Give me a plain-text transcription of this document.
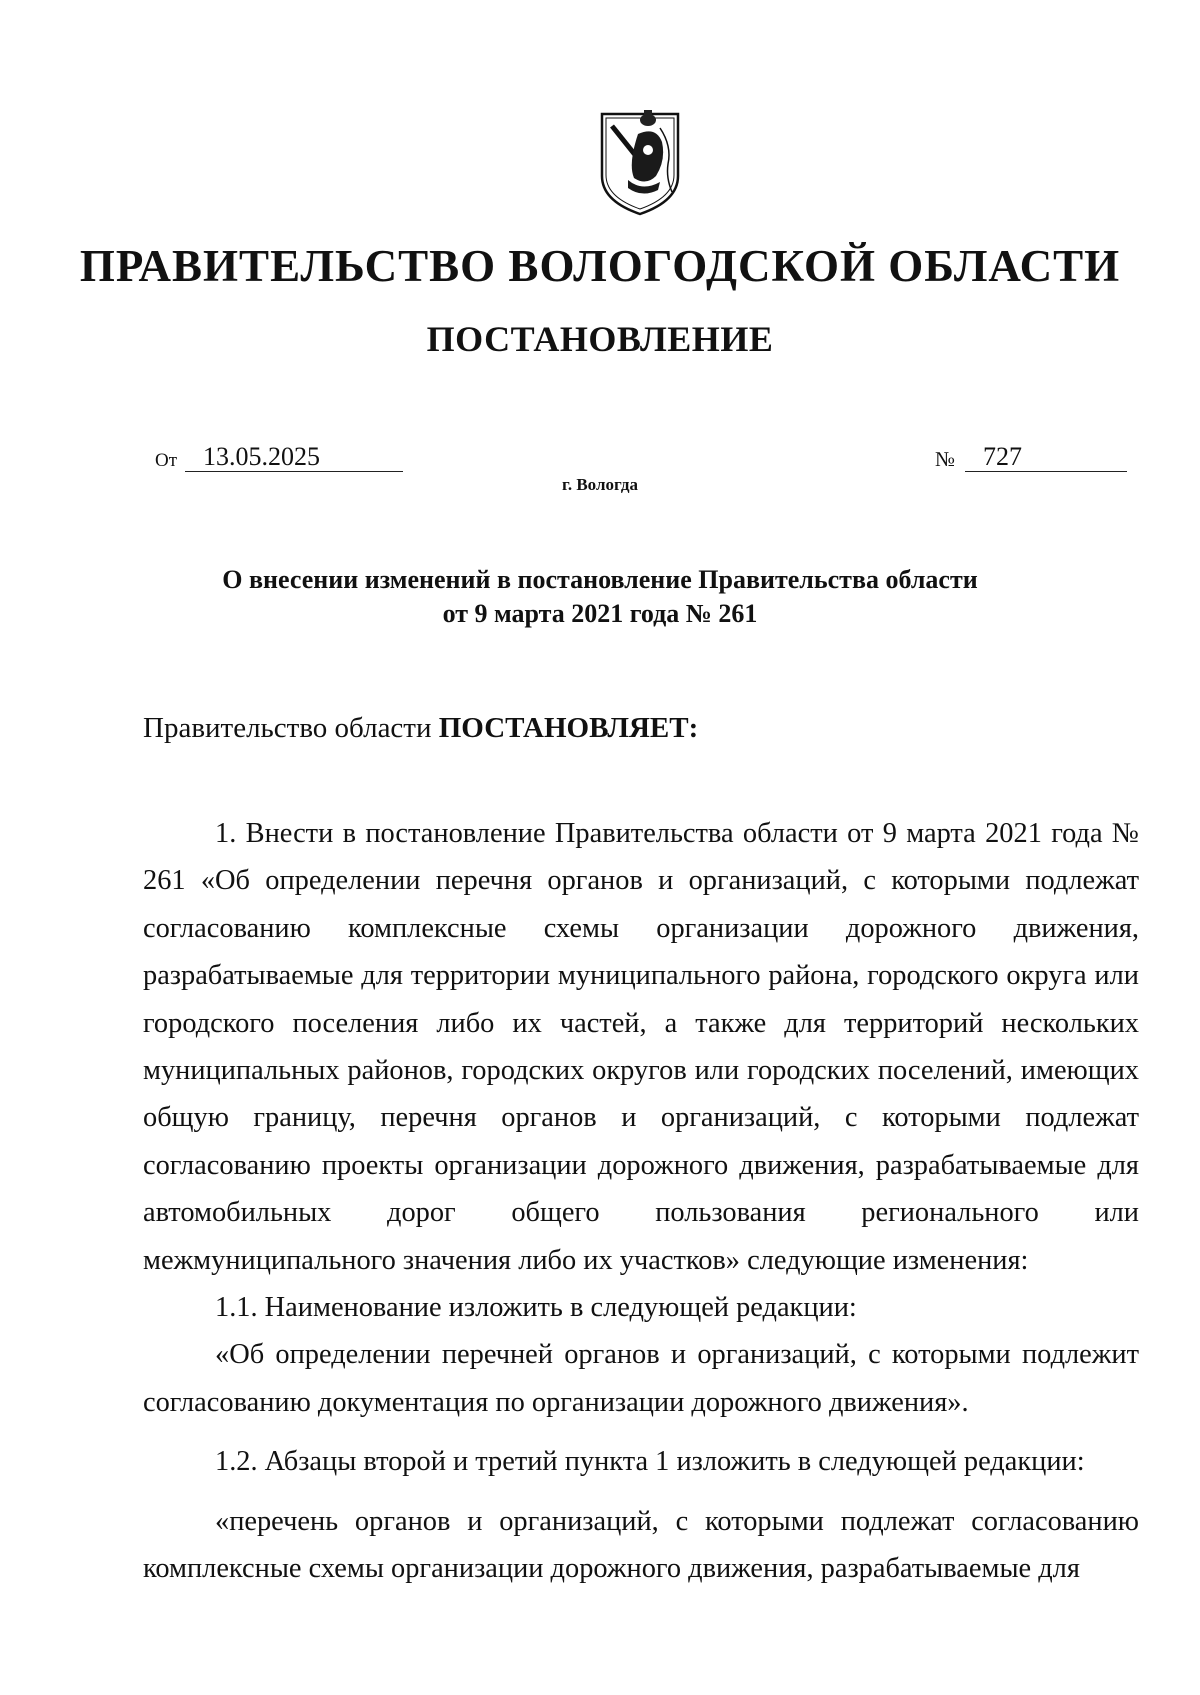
ПРАВИТЕЛЬСТВО ВОЛОГОДСКОЙ ОБЛАСТИ
ПОСТАНОВЛЕНИЕ
От	13.05.2025	№	727
г. Вологда
О внесении изменений в постановление Правительства области
от 9 марта 2021 года № 261
Правительство области ПОСТАНОВЛЯЕТ:

1. Внести в постановление Правительства области от 9 марта 2021 года № 261 «Об определении перечня органов и организаций, с которыми подлежат согласованию комплексные схемы организации дорожного движения, разрабатываемые для территории муниципального района, городского округа или городского поселения либо их частей, а также для территорий нескольких муниципальных районов, городских округов или городских поселений, имеющих общую границу, перечня органов и организаций, с которыми подлежат согласованию проекты организации дорожного движения, разрабатываемые для автомобильных дорог общего пользования регионального или межмуниципального значения либо их участков» следующие изменения:

1.1. Наименование изложить в следующей редакции:

«Об определении перечней органов и организаций, с которыми подлежит согласованию документация по организации дорожного движения».

1.2. Абзацы второй и третий пункта 1 изложить в следующей редакции:

«перечень органов и организаций, с которыми подлежат согласованию комплексные схемы организации дорожного движения, разрабатываемые для
